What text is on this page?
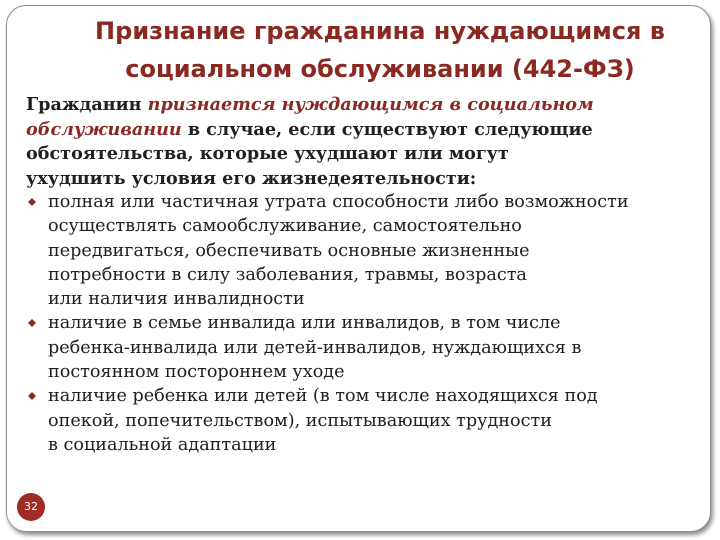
Признание гражданина нуждающимся в
социальном обслуживании (442-ФЗ)

Гражданин признается нуждающимся в социальном
обслуживании в случае, если существуют следующие
обстоятельства, которые ухудшают или могут
ухудшить условия его жизнедеятельности:

полная или частичная утрата способности либо возможности
осуществлять самообслуживание, самостоятельно
передвигаться, обеспечивать основные жизненные
потребности в силу заболевания, травмы, возраста
или наличия инвалидности
наличие в семье инвалида или инвалидов, в том числе
ребенка-инвалида или детей-инвалидов, нуждающихся в
постоянном постороннем уходе
наличие ребенка или детей (в том числе находящихся под
опекой, попечительством), испытывающих трудности
в социальной адаптации
32
